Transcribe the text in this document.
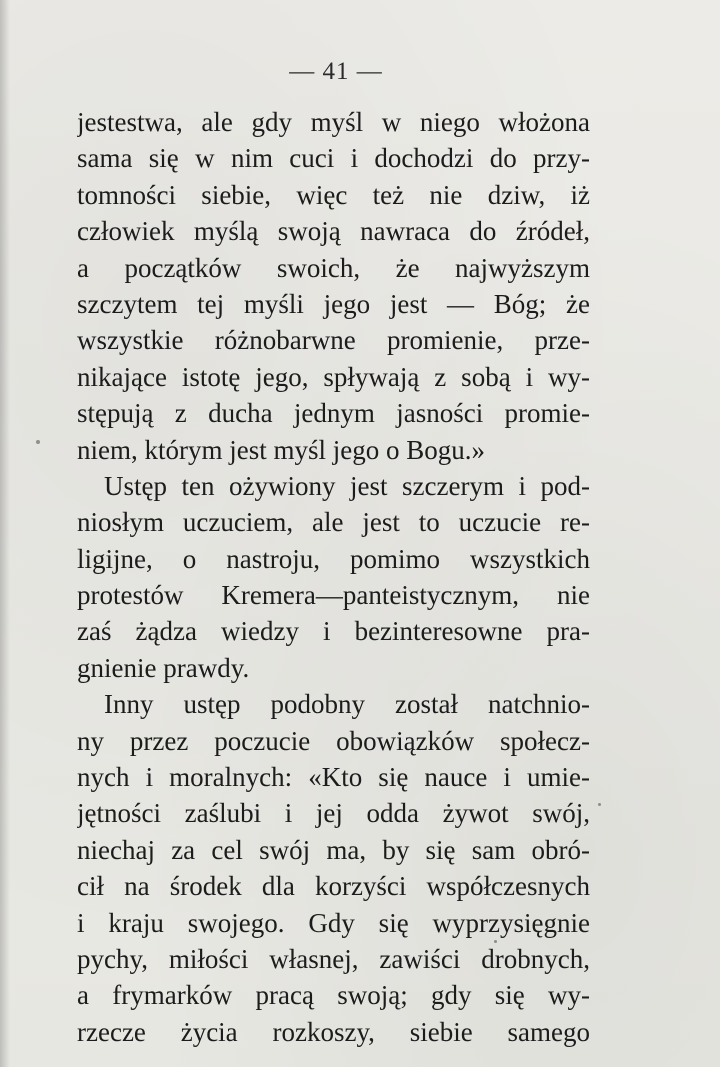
— 41 —
jestestwa, ale gdy myśl w niego włożona
sama się w nim cuci i dochodzi do przy-
tomności siebie, więc też nie dziw, iż
człowiek myślą swoją nawraca do źródeł,
a początków swoich, że najwyższym
szczytem tej myśli jego jest — Bóg; że
wszystkie różnobarwne promienie, prze-
nikające istotę jego, spływają z sobą i wy-
stępują z ducha jednym jasności promie-
niem, którym jest myśl jego o Bogu.»
Ustęp ten ożywiony jest szczerym i pod-
niosłym uczuciem, ale jest to uczucie re-
ligijne, o nastroju, pomimo wszystkich
protestów Kremera—panteistycznym, nie
zaś żądza wiedzy i bezinteresowne pra-
gnienie prawdy.
Inny ustęp podobny został natchnio-
ny przez poczucie obowiązków społecz-
nych i moralnych: «Kto się nauce i umie-
jętności zaślubi i jej odda żywot swój,
niechaj za cel swój ma, by się sam obró-
cił na środek dla korzyści współczesnych
i kraju swojego. Gdy się wyprzysięgnie
pychy, miłości własnej, zawiści drobnych,
a frymarków pracą swoją; gdy się wy-
rzecze życia rozkoszy, siebie samego
